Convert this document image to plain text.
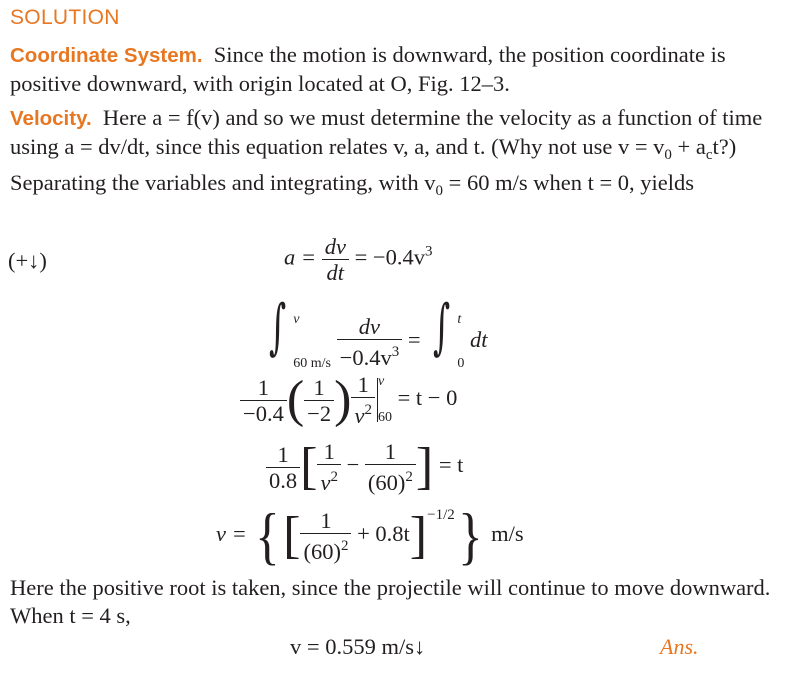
SOLUTION
Coordinate System. Since the motion is downward, the position coordinate is positive downward, with origin located at O, Fig. 12–3.
Velocity. Here a = f(v) and so we must determine the velocity as a function of time using a = dv/dt, since this equation relates v, a, and t. (Why not use $v = v_0$ + $a_ct$?) Separating the variables and integrating, with $v_0 = 60$ m/s when t = 0, yields
(+↓)	$a = \frac{dv}{dt} = -0.4v^3$
∫ v
60 m/s
$\frac{dv}{-0.4v^3}$ = ∫ t
0
dt
$\frac{1}{-0.4}$ ( $\frac{1}{-2}$ ) $\frac{1}{v^2}$ v
60
= t − 0
$\frac{1}{0.8}$ [ $\frac{1}{v^2} - \frac{1}{(60)^2}$ ] = t
v = {[ $\frac{1}{(60)^2} + 0.8t]^{-1/2}$} m/s
Here the positive root is taken, since the projectile will continue to move downward. When t = 4 s,
v = 0.559 m/s↓	Ans.
